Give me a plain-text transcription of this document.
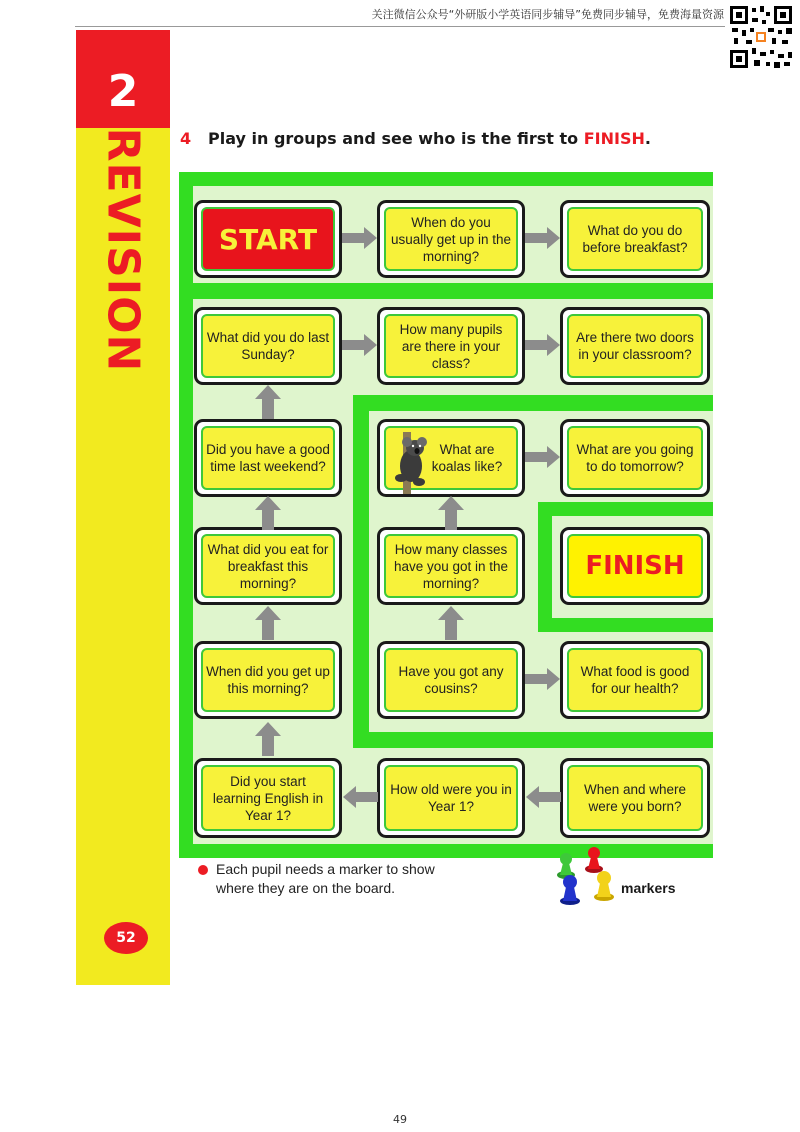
关注微信公众号“外研版小学英语同步辅导”免费同步辅导，免费海量资源
2
REVISION
52
4 Play in groups and see who is the first to FINISH.
START
When do you usually get up in the morning?
What do you do before breakfast?
What did you do last Sunday?
How many pupils are there in your class?
Are there two doors in your classroom?
Did you have a good time last weekend?
What are koalas like?
What are you going to do tomorrow?
What did you eat for breakfast this morning?
How many classes have you got in the morning?
FINISH
When did you get up this morning?
Have you got any cousins?
What food is good for our health?
Did you start learning English in Year 1?
How old were you in Year 1?
When and where were you born?
Each pupil needs a marker to show where they are on the board.	markers
49
